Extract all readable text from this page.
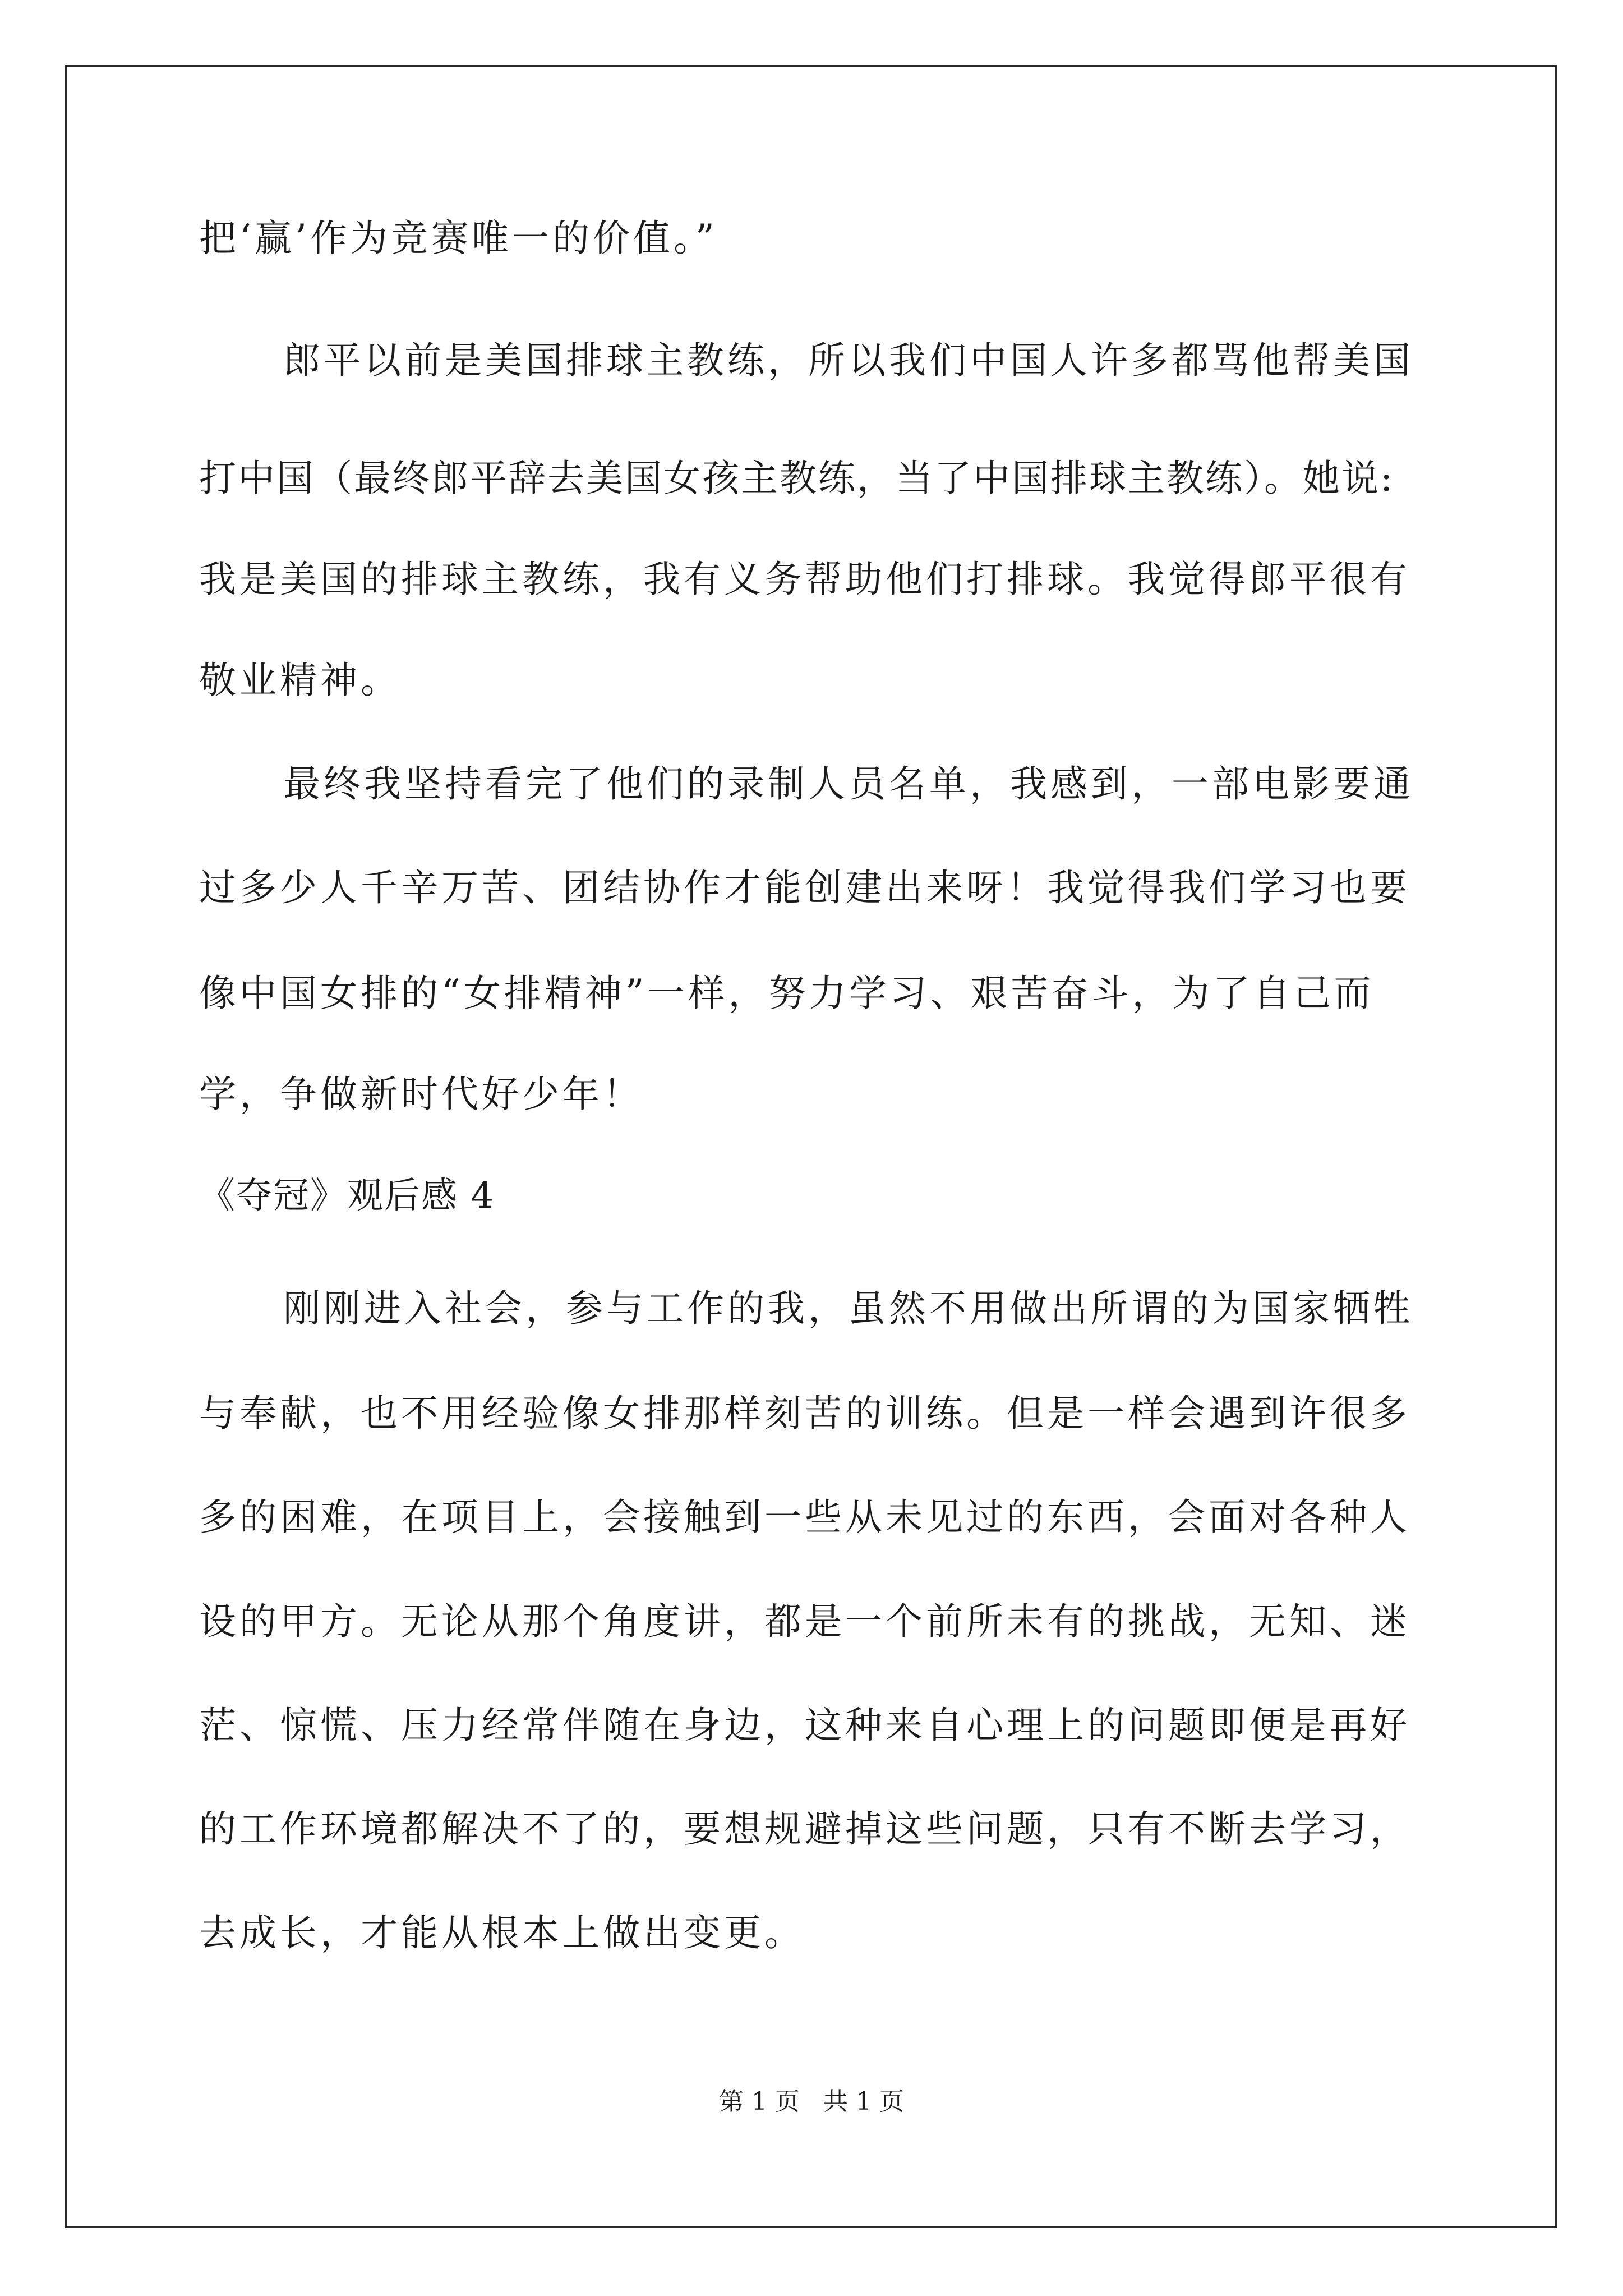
把‘赢’作为竞赛唯一的价值。”
郎平以前是美国排球主教练，所以我们中国人许多都骂他帮美国
打中国（最终郎平辞去美国女孩主教练，当了中国排球主教练）。她说:
我是美国的排球主教练，我有义务帮助他们打排球。我觉得郎平很有
敬业精神。
最终我坚持看完了他们的录制人员名单，我感到，一部电影要通
过多少人千辛万苦、团结协作才能创建出来呀！我觉得我们学习也要
像中国女排的“女排精神”一样，努力学习、艰苦奋斗，为了自己而
学，争做新时代好少年！
《夺冠》观后感 4
刚刚进入社会，参与工作的我，虽然不用做出所谓的为国家牺牲
与奉献，也不用经验像女排那样刻苦的训练。但是一样会遇到许很多
多的困难，在项目上，会接触到一些从未见过的东西，会面对各种人
设的甲方。无论从那个角度讲，都是一个前所未有的挑战，无知、迷
茫、惊慌、压力经常伴随在身边，这种来自心理上的问题即便是再好
的工作环境都解决不了的，要想规避掉这些问题，只有不断去学习，
去成长，才能从根本上做出变更。
第 1 页   共 1 页
